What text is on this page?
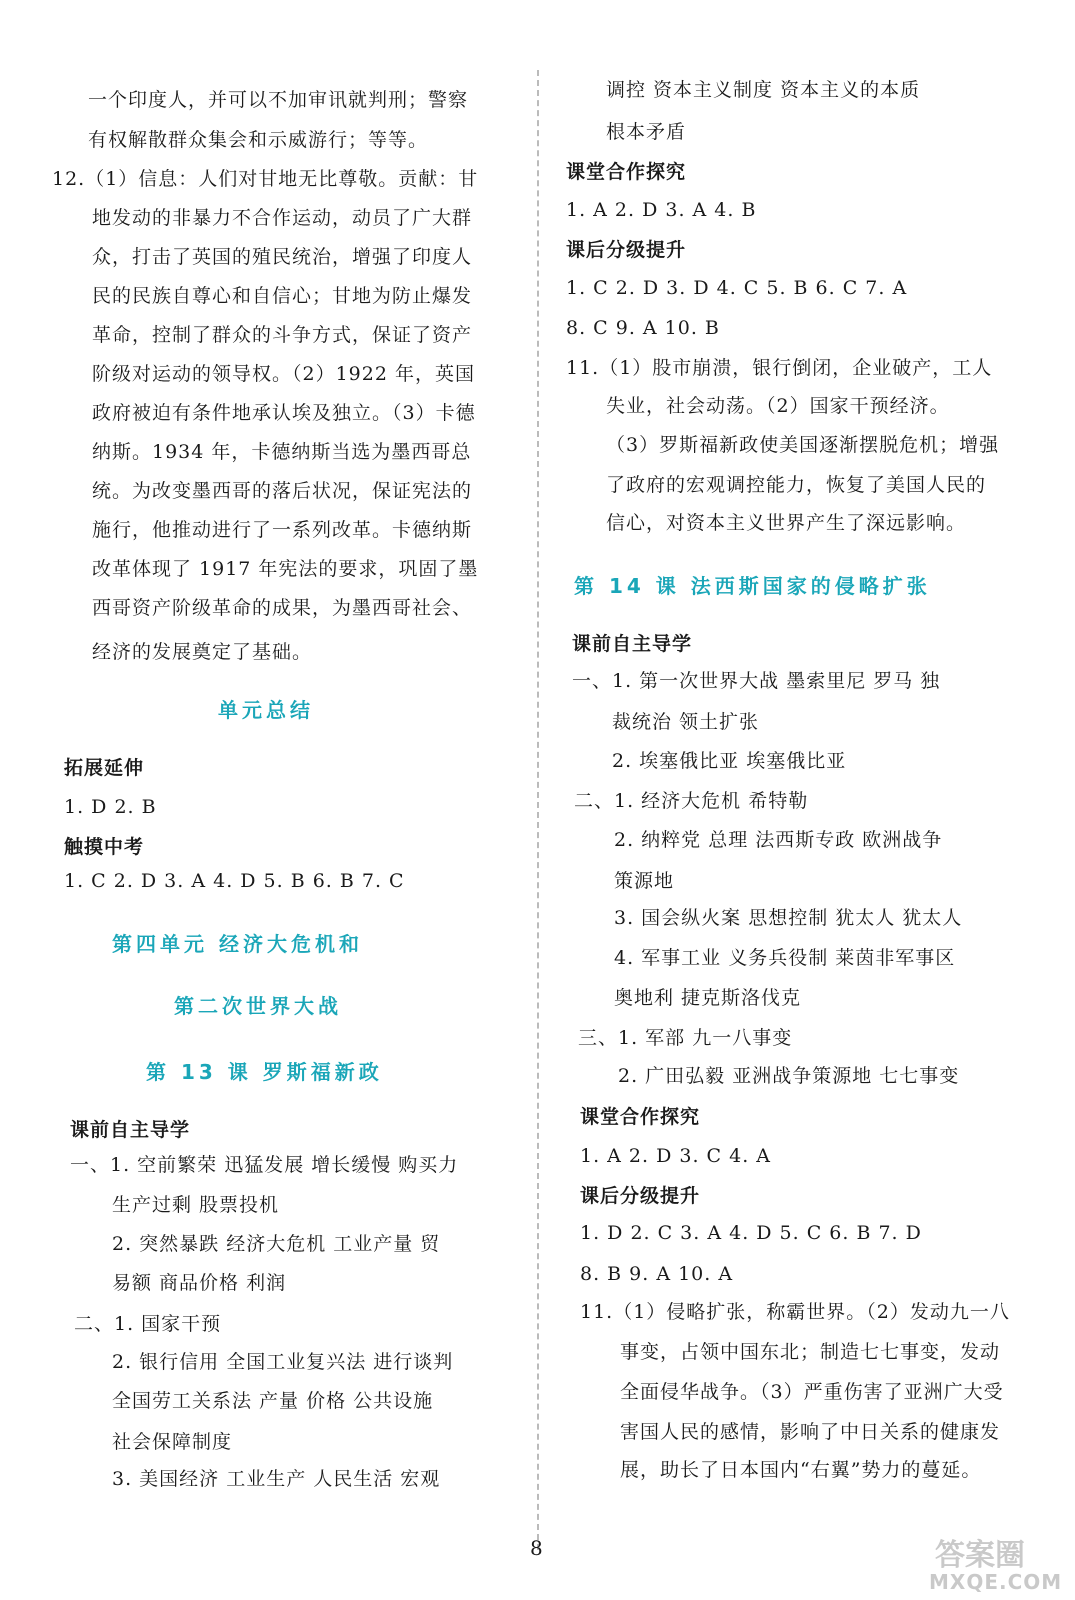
一个印度人，并可以不加审讯就判刑；警察
有权解散群众集会和示威游行；等等。
12.（1）信息：人们对甘地无比尊敬。贡献：甘
地发动的非暴力不合作运动，动员了广大群
众，打击了英国的殖民统治，增强了印度人
民的民族自尊心和自信心；甘地为防止爆发
革命，控制了群众的斗争方式，保证了资产
阶级对运动的领导权。（2）1922 年，英国
政府被迫有条件地承认埃及独立。（3）卡德
纳斯。1934 年，卡德纳斯当选为墨西哥总
统。为改变墨西哥的落后状况，保证宪法的
施行，他推动进行了一系列改革。卡德纳斯
改革体现了 1917 年宪法的要求，巩固了墨
西哥资产阶级革命的成果，为墨西哥社会、
经济的发展奠定了基础。
拓展延伸
1. D 2. B
触摸中考
1. C 2. D 3. A 4. D 5. B 6. B 7. C
课前自主导学
一、1. 空前繁荣 迅猛发展 增长缓慢 购买力
生产过剩 股票投机
2. 突然暴跌 经济大危机 工业产量 贸
易额 商品价格 利润
二、1. 国家干预
2. 银行信用 全国工业复兴法 进行谈判
全国劳工关系法 产量 价格 公共设施
社会保障制度
3. 美国经济 工业生产 人民生活 宏观
单元总结
第四单元 经济大危机和
第二次世界大战
第 13 课 罗斯福新政
调控 资本主义制度 资本主义的本质
根本矛盾
课堂合作探究
1. A 2. D 3. A 4. B
课后分级提升
1. C 2. D 3. D 4. C 5. B 6. C 7. A
8. C 9. A 10. B
11.（1）股市崩溃，银行倒闭，企业破产，工人
失业，社会动荡。（2）国家干预经济。
（3）罗斯福新政使美国逐渐摆脱危机；增强
了政府的宏观调控能力，恢复了美国人民的
信心，对资本主义世界产生了深远影响。
课前自主导学
一、1. 第一次世界大战 墨索里尼 罗马 独
裁统治 领土扩张
2. 埃塞俄比亚 埃塞俄比亚
二、1. 经济大危机 希特勒
2. 纳粹党 总理 法西斯专政 欧洲战争
策源地
3. 国会纵火案 思想控制 犹太人 犹太人
4. 军事工业 义务兵役制 莱茵非军事区
奥地利 捷克斯洛伐克
三、1. 军部 九一八事变
2. 广田弘毅 亚洲战争策源地 七七事变
课堂合作探究
1. A 2. D 3. C 4. A
课后分级提升
1. D 2. C 3. A 4. D 5. C 6. B 7. D
8. B 9. A 10. A
11.（1）侵略扩张，称霸世界。（2）发动九一八
事变，占领中国东北；制造七七事变，发动
全面侵华战争。（3）严重伤害了亚洲广大受
害国人民的感情，影响了中日关系的健康发
展，助长了日本国内“右翼”势力的蔓延。
第 14 课 法西斯国家的侵略扩张
8	答案圈
MXQE.COM
